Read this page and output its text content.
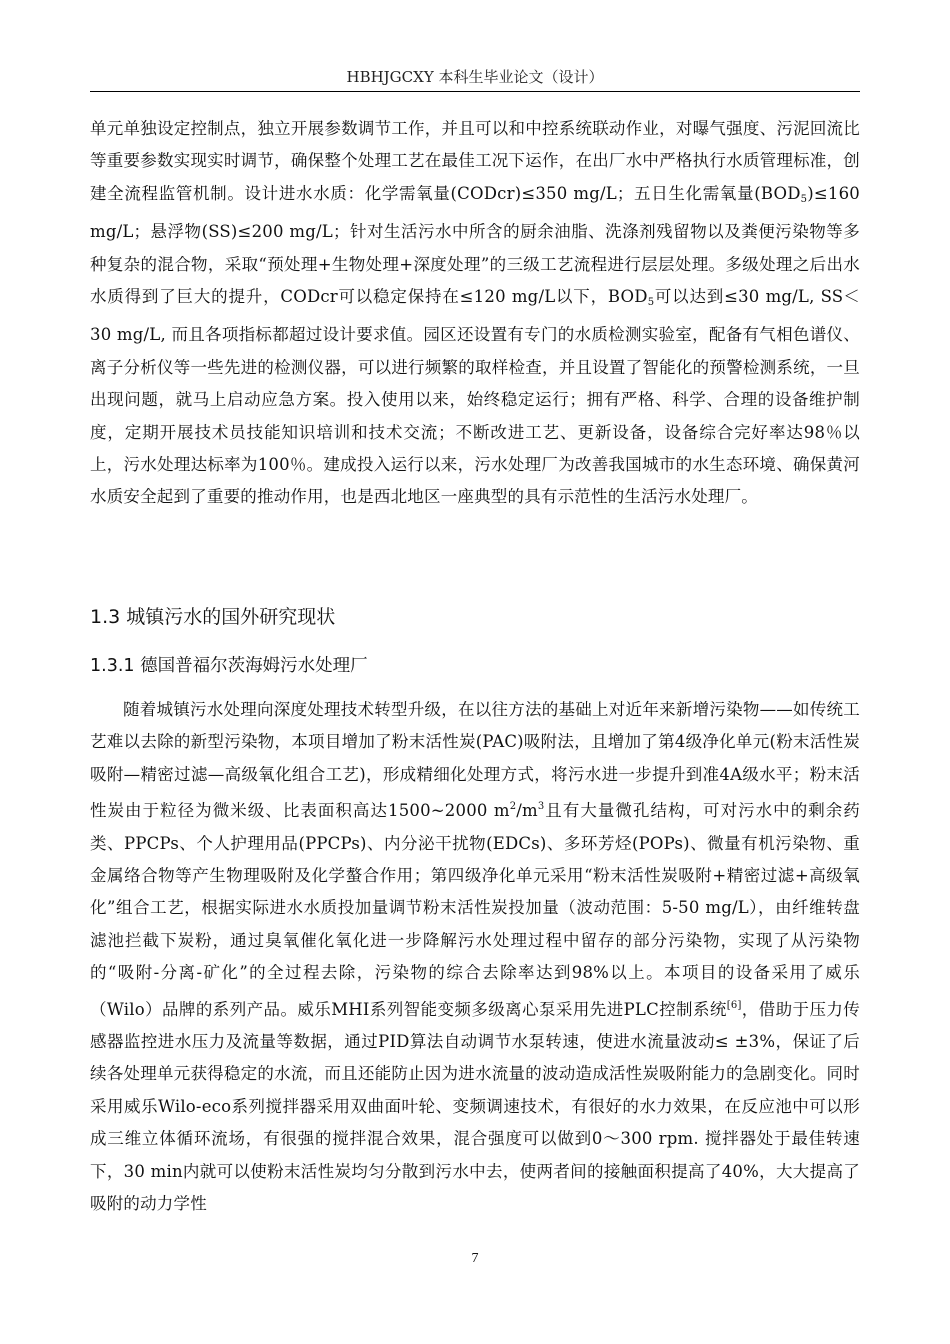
HBHJGCXY 本科生毕业论文（设计）
单元单独设定控制点，独立开展参数调节工作，并且可以和中控系统联动作业，对曝气强度、污泥回流比等重要参数实现实时调节，确保整个处理工艺在最佳工况下运作，在出厂水中严格执行水质管理标准，创建全流程监管机制。设计进水水质：化学需氧量(CODcr)≤350 mg/L；五日生化需氧量$(BOD_5)\le 160$ mg/L；悬浮物(SS)≤200 mg/L；针对生活污水中所含的厨余油脂、洗涤剂残留物以及粪便污染物等多种复杂的混合物，采取“预处理+生物处理+深度处理”的三级工艺流程进行层层处理。多级处理之后出水水质得到了巨大的提升，CODcr可以稳定保持在≤120 mg/L以下，$BOD_5$可以达到≤30 mg/L, SS＜30 mg/L, 而且各项指标都超过设计要求值。园区还设置有专门的水质检测实验室，配备有气相色谱仪、离子分析仪等一些先进的检测仪器，可以进行频繁的取样检查，并且设置了智能化的预警检测系统，一旦出现问题，就马上启动应急方案。投入使用以来，始终稳定运行；拥有严格、科学、合理的设备维护制度，定期开展技术员技能知识培训和技术交流；不断改进工艺、更新设备，设备综合完好率达98％以上，污水处理达标率为100％。建成投入运行以来，污水处理厂为改善我国城市的水生态环境、确保黄河水质安全起到了重要的推动作用，也是西北地区一座典型的具有示范性的生活污水处理厂。
1.3 城镇污水的国外研究现状
1.3.1 德国普福尔茨海姆污水处理厂
随着城镇污水处理向深度处理技术转型升级，在以往方法的基础上对近年来新增污染物——如传统工艺难以去除的新型污染物，本项目增加了粉末活性炭(PAC)吸附法，且增加了第4级净化单元(粉末活性炭吸附—精密过滤—高级氧化组合工艺)，形成精细化处理方式，将污水进一步提升到准4A级水平；粉末活性炭由于粒径为微米级、比表面积高达1500~2000 $m^2/m^3$且有大量微孔结构，可对污水中的剩余药类、PPCPs、个人护理用品(PPCPs)、内分泌干扰物(EDCs)、多环芳烃(POPs)、微量有机污染物、重金属络合物等产生物理吸附及化学螯合作用；第四级净化单元采用“粉末活性炭吸附+精密过滤+高级氧化”组合工艺，根据实际进水水质投加量调节粉末活性炭投加量（波动范围：5-50 mg/L），由纤维转盘滤池拦截下炭粉，通过臭氧催化氧化进一步降解污水处理过程中留存的部分污染物，实现了从污染物的“吸附-分离-矿化”的全过程去除，污染物的综合去除率达到98%以上。本项目的设备采用了威乐（Wilo）品牌的系列产品。威乐MHI系列智能变频多级离心泵采用先进PLC控制系统[6]，借助于压力传感器监控进水压力及流量等数据，通过PID算法自动调节水泵转速，使进水流量波动≤ ±3%，保证了后续各处理单元获得稳定的水流，而且还能防止因为进水流量的波动造成活性炭吸附能力的急剧变化。同时采用威乐Wilo-eco系列搅拌器采用双曲面叶轮、变频调速技术，有很好的水力效果，在反应池中可以形成三维立体循环流场，有很强的搅拌混合效果，混合强度可以做到0～300 rpm. 搅拌器处于最佳转速下，30 min内就可以使粉末活性炭均匀分散到污水中去，使两者间的接触面积提高了40%，大大提高了吸附的动力学性
7
